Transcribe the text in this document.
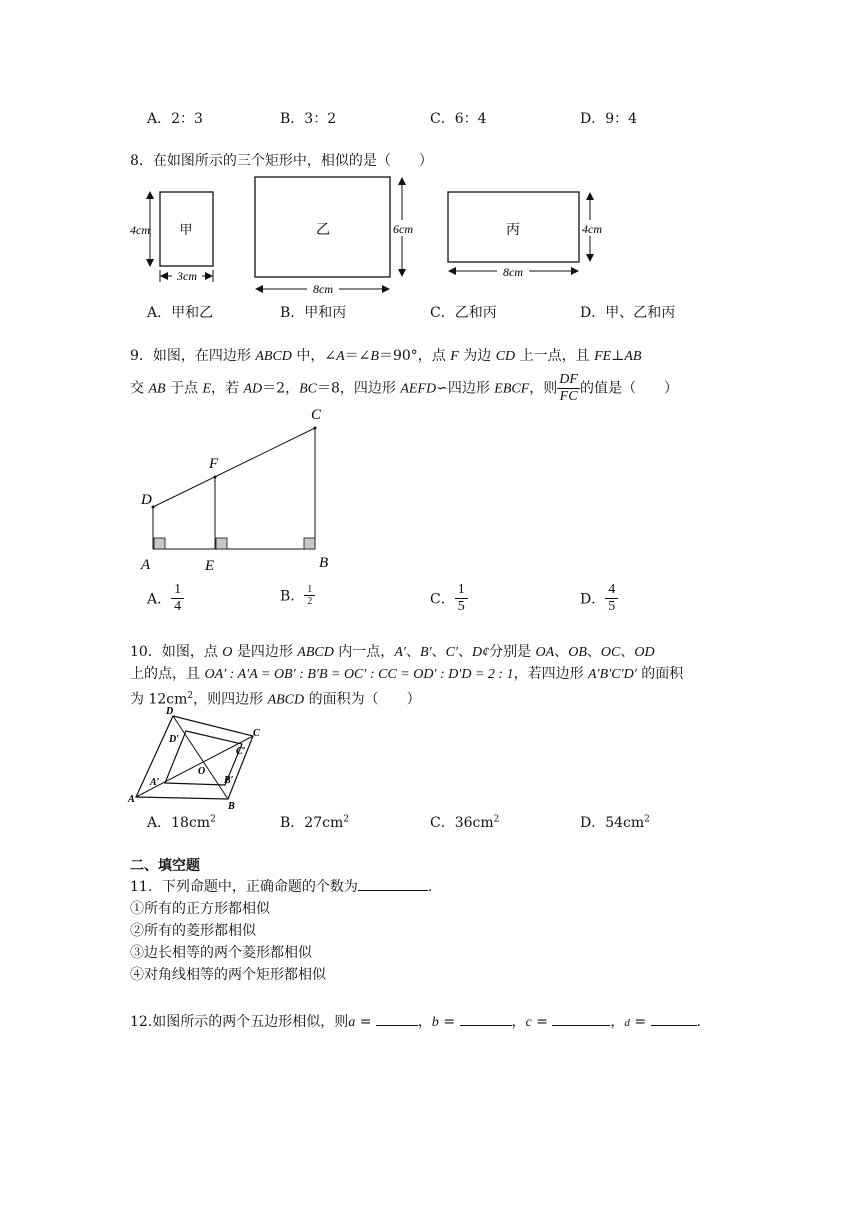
A．2：3	B．3：2	C．6：4	D．9：4
8．在如图所示的三个矩形中，相似的是（　　）
甲
4cm
3cm
乙	6cm
8cm
丙	4cm
8cm
A．甲和乙	B．甲和丙	C．乙和丙	D．甲、乙和丙
9．如图，在四边形 ABCD 中，∠A＝∠B＝90°，点 F 为边 CD 上一点，且 FE⊥AB
交 AB 于点 E，若 AD＝2，BC＝8，四边形 AEFD∽四边形 EBCF，则 $\frac{DF}{FC}$ 的值是（　　）
C
F
D
A	E	B
A． $\frac{1}{4}$	B． $\frac{1}{2}$	C． $\frac{1}{5}$	D． $\frac{4}{5}$
10．如图，点 O 是四边形 ABCD 内一点，A′、B′、C′、D¢分别是 OA、OB、OC、OD
上的点，且 OA′ : A′A = OB′ : B′B = OC′ : CC = OD′ : D′D = 2 : 1，若四边形 A′B′C′D′ 的面积
为 $12cm^2$，则四边形 ABCD 的面积为（　　）
D
C
D′
C′
O
A′	B′
A
B
A．$18cm^2$	B．$27cm^2$	C．$36cm^2$	D．$54cm^2$
二、填空题
11．下列命题中，正确命题的个数为	.
①所有的正方形都相似
②所有的菱形都相似
③边长相等的两个菱形都相似
④对角线相等的两个矩形都相似
12.如图所示的两个五边形相似，则a =	，b =	，c =	，d =	.
